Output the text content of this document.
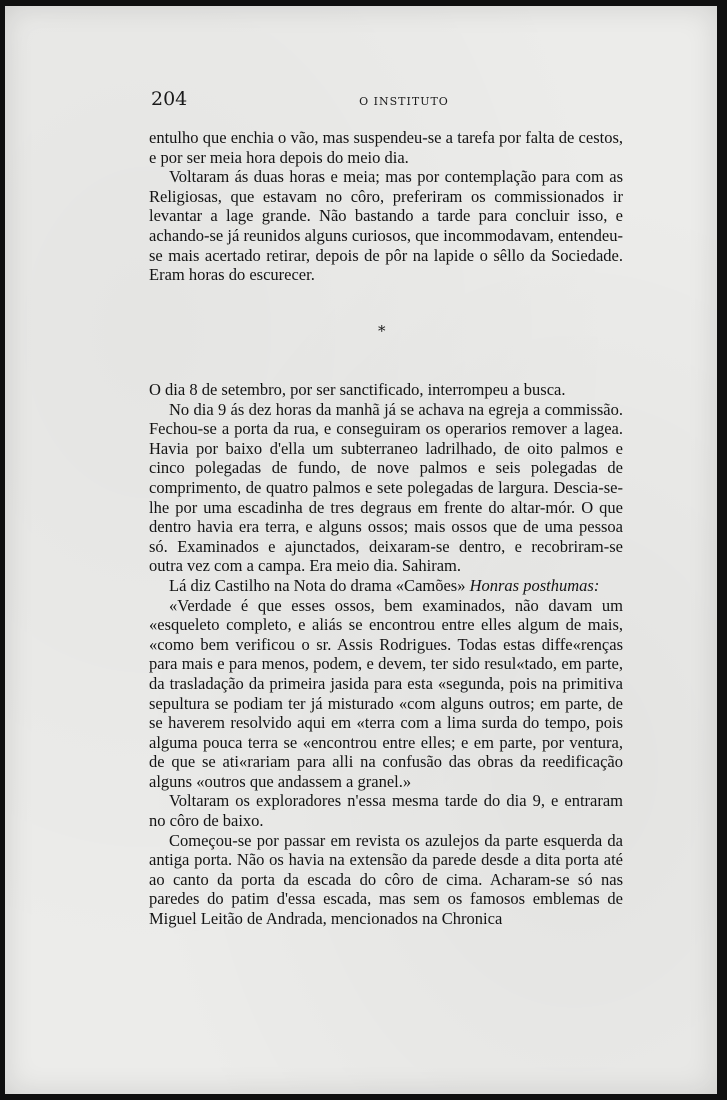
204	O INSTITUTO

entulho que enchia o vão, mas suspendeu-se a tarefa por falta de cestos, e por ser meia hora depois do meio dia.

Voltaram ás duas horas e meia; mas por contemplação para com as Religiosas, que estavam no côro, preferiram os commissionados ir levantar a lage grande. Não bastando a tarde para concluir isso, e achando-se já reunidos alguns curiosos, que incommodavam, entendeu-se mais acertado retirar, depois de pôr na lapide o sêllo da Sociedade. Eram horas do escurecer.

*

O dia 8 de setembro, por ser sanctificado, interrompeu a busca.

No dia 9 ás dez horas da manhã já se achava na egreja a commissão. Fechou-se a porta da rua, e conseguiram os operarios remover a lagea. Havia por baixo d'ella um subterraneo ladrilhado, de oito palmos e cinco polegadas de fundo, de nove palmos e seis polegadas de comprimento, de quatro palmos e sete polegadas de largura. Descia-se-lhe por uma escadinha de tres degraus em frente do altar-mór. O que dentro havia era terra, e alguns ossos; mais ossos que de uma pessoa só. Examinados e ajunctados, deixaram-se dentro, e recobriram-se outra vez com a campa. Era meio dia. Sahiram.

Lá diz Castilho na Nota do drama «Camões» Honras posthumas:

«Verdade é que esses ossos, bem examinados, não davam um «esqueleto completo, e aliás se encontrou entre elles algum de mais, «como bem verificou o sr. Assis Rodrigues. Todas estas diffe«renças para mais e para menos, podem, e devem, ter sido resul«tado, em parte, da trasladação da primeira jasida para esta «segunda, pois na primitiva sepultura se podiam ter já misturado «com alguns outros; em parte, de se haverem resolvido aqui em «terra com a lima surda do tempo, pois alguma pouca terra se «encontrou entre elles; e em parte, por ventura, de que se ati«rariam para alli na confusão das obras da reedificação alguns «outros que andassem a granel.»

Voltaram os exploradores n'essa mesma tarde do dia 9, e entraram no côro de baixo.

Começou-se por passar em revista os azulejos da parte esquerda da antiga porta. Não os havia na extensão da parede desde a dita porta até ao canto da porta da escada do côro de cima. Acharam-se só nas paredes do patim d'essa escada, mas sem os famosos emblemas de Miguel Leitão de Andrada, mencionados na Chronica
